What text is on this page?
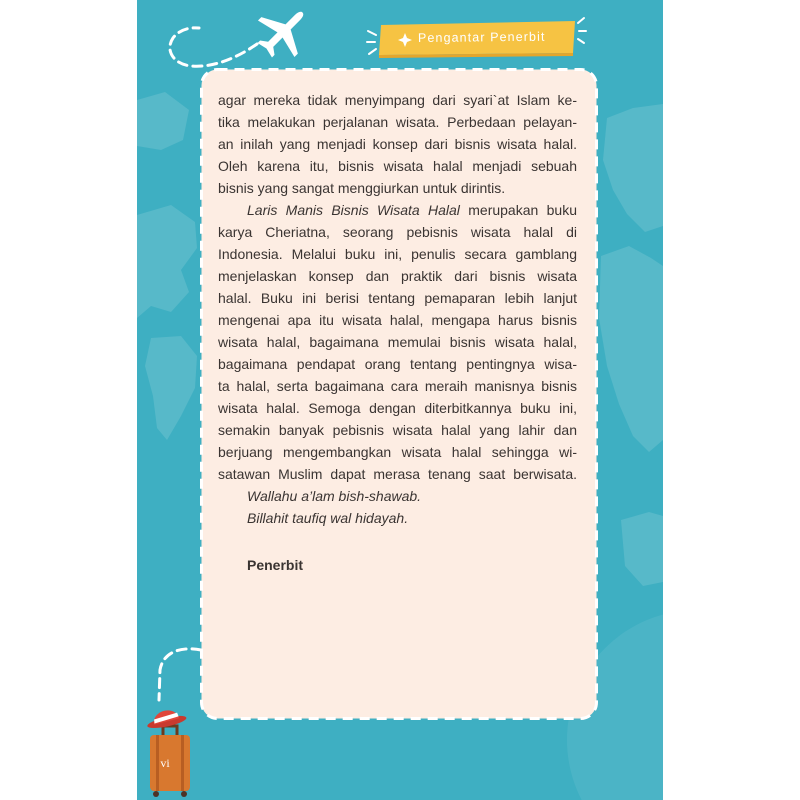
Pengantar Penerbit
agar mereka tidak menyimpang dari syari`at Islam ke-
tika melakukan perjalanan wisata. Perbedaan pelayan-
an inilah yang menjadi konsep dari bisnis wisata halal.
Oleh karena itu, bisnis wisata halal menjadi sebuah
bisnis yang sangat menggiurkan untuk dirintis.
Laris Manis Bisnis Wisata Halal merupakan buku
karya Cheriatna, seorang pebisnis wisata halal di
Indonesia. Melalui buku ini, penulis secara gamblang
menjelaskan konsep dan praktik dari bisnis wisata
halal. Buku ini berisi tentang pemaparan lebih lanjut
mengenai apa itu wisata halal, mengapa harus bisnis
wisata halal, bagaimana memulai bisnis wisata halal,
bagaimana pendapat orang tentang pentingnya wisa-
ta halal, serta bagaimana cara meraih manisnya bisnis
wisata halal. Semoga dengan diterbitkannya buku ini,
semakin banyak pebisnis wisata halal yang lahir dan
berjuang mengembangkan wisata halal sehingga wi-
satawan Muslim dapat merasa tenang saat berwisata.
Wallahu a’lam bish-shawab.
Billahit taufiq wal hidayah.
Penerbit
vi
